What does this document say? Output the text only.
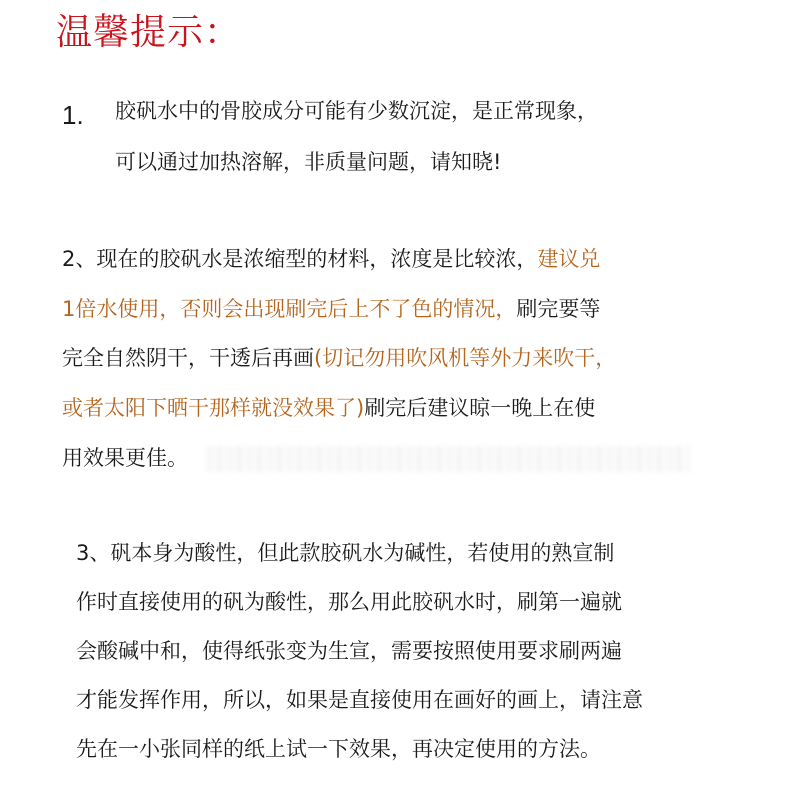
温馨提示：
1. 胶矾水中的骨胶成分可能有少数沉淀，是正常现象，
可以通过加热溶解，非质量问题，请知晓!
2、现在的胶矾水是浓缩型的材料，浓度是比较浓，建议兑
1倍水使用，否则会出现刷完后上不了色的情况，刷完要等
完全自然阴干，干透后再画(切记勿用吹风机等外力来吹干，
或者太阳下晒干那样就没效果了)刷完后建议晾一晚上在使
用效果更佳。
3、矾本身为酸性，但此款胶矾水为碱性，若使用的熟宣制
作时直接使用的矾为酸性，那么用此胶矾水时，刷第一遍就
会酸碱中和，使得纸张变为生宣，需要按照使用要求刷两遍
才能发挥作用，所以，如果是直接使用在画好的画上，请注意
先在一小张同样的纸上试一下效果，再决定使用的方法。
